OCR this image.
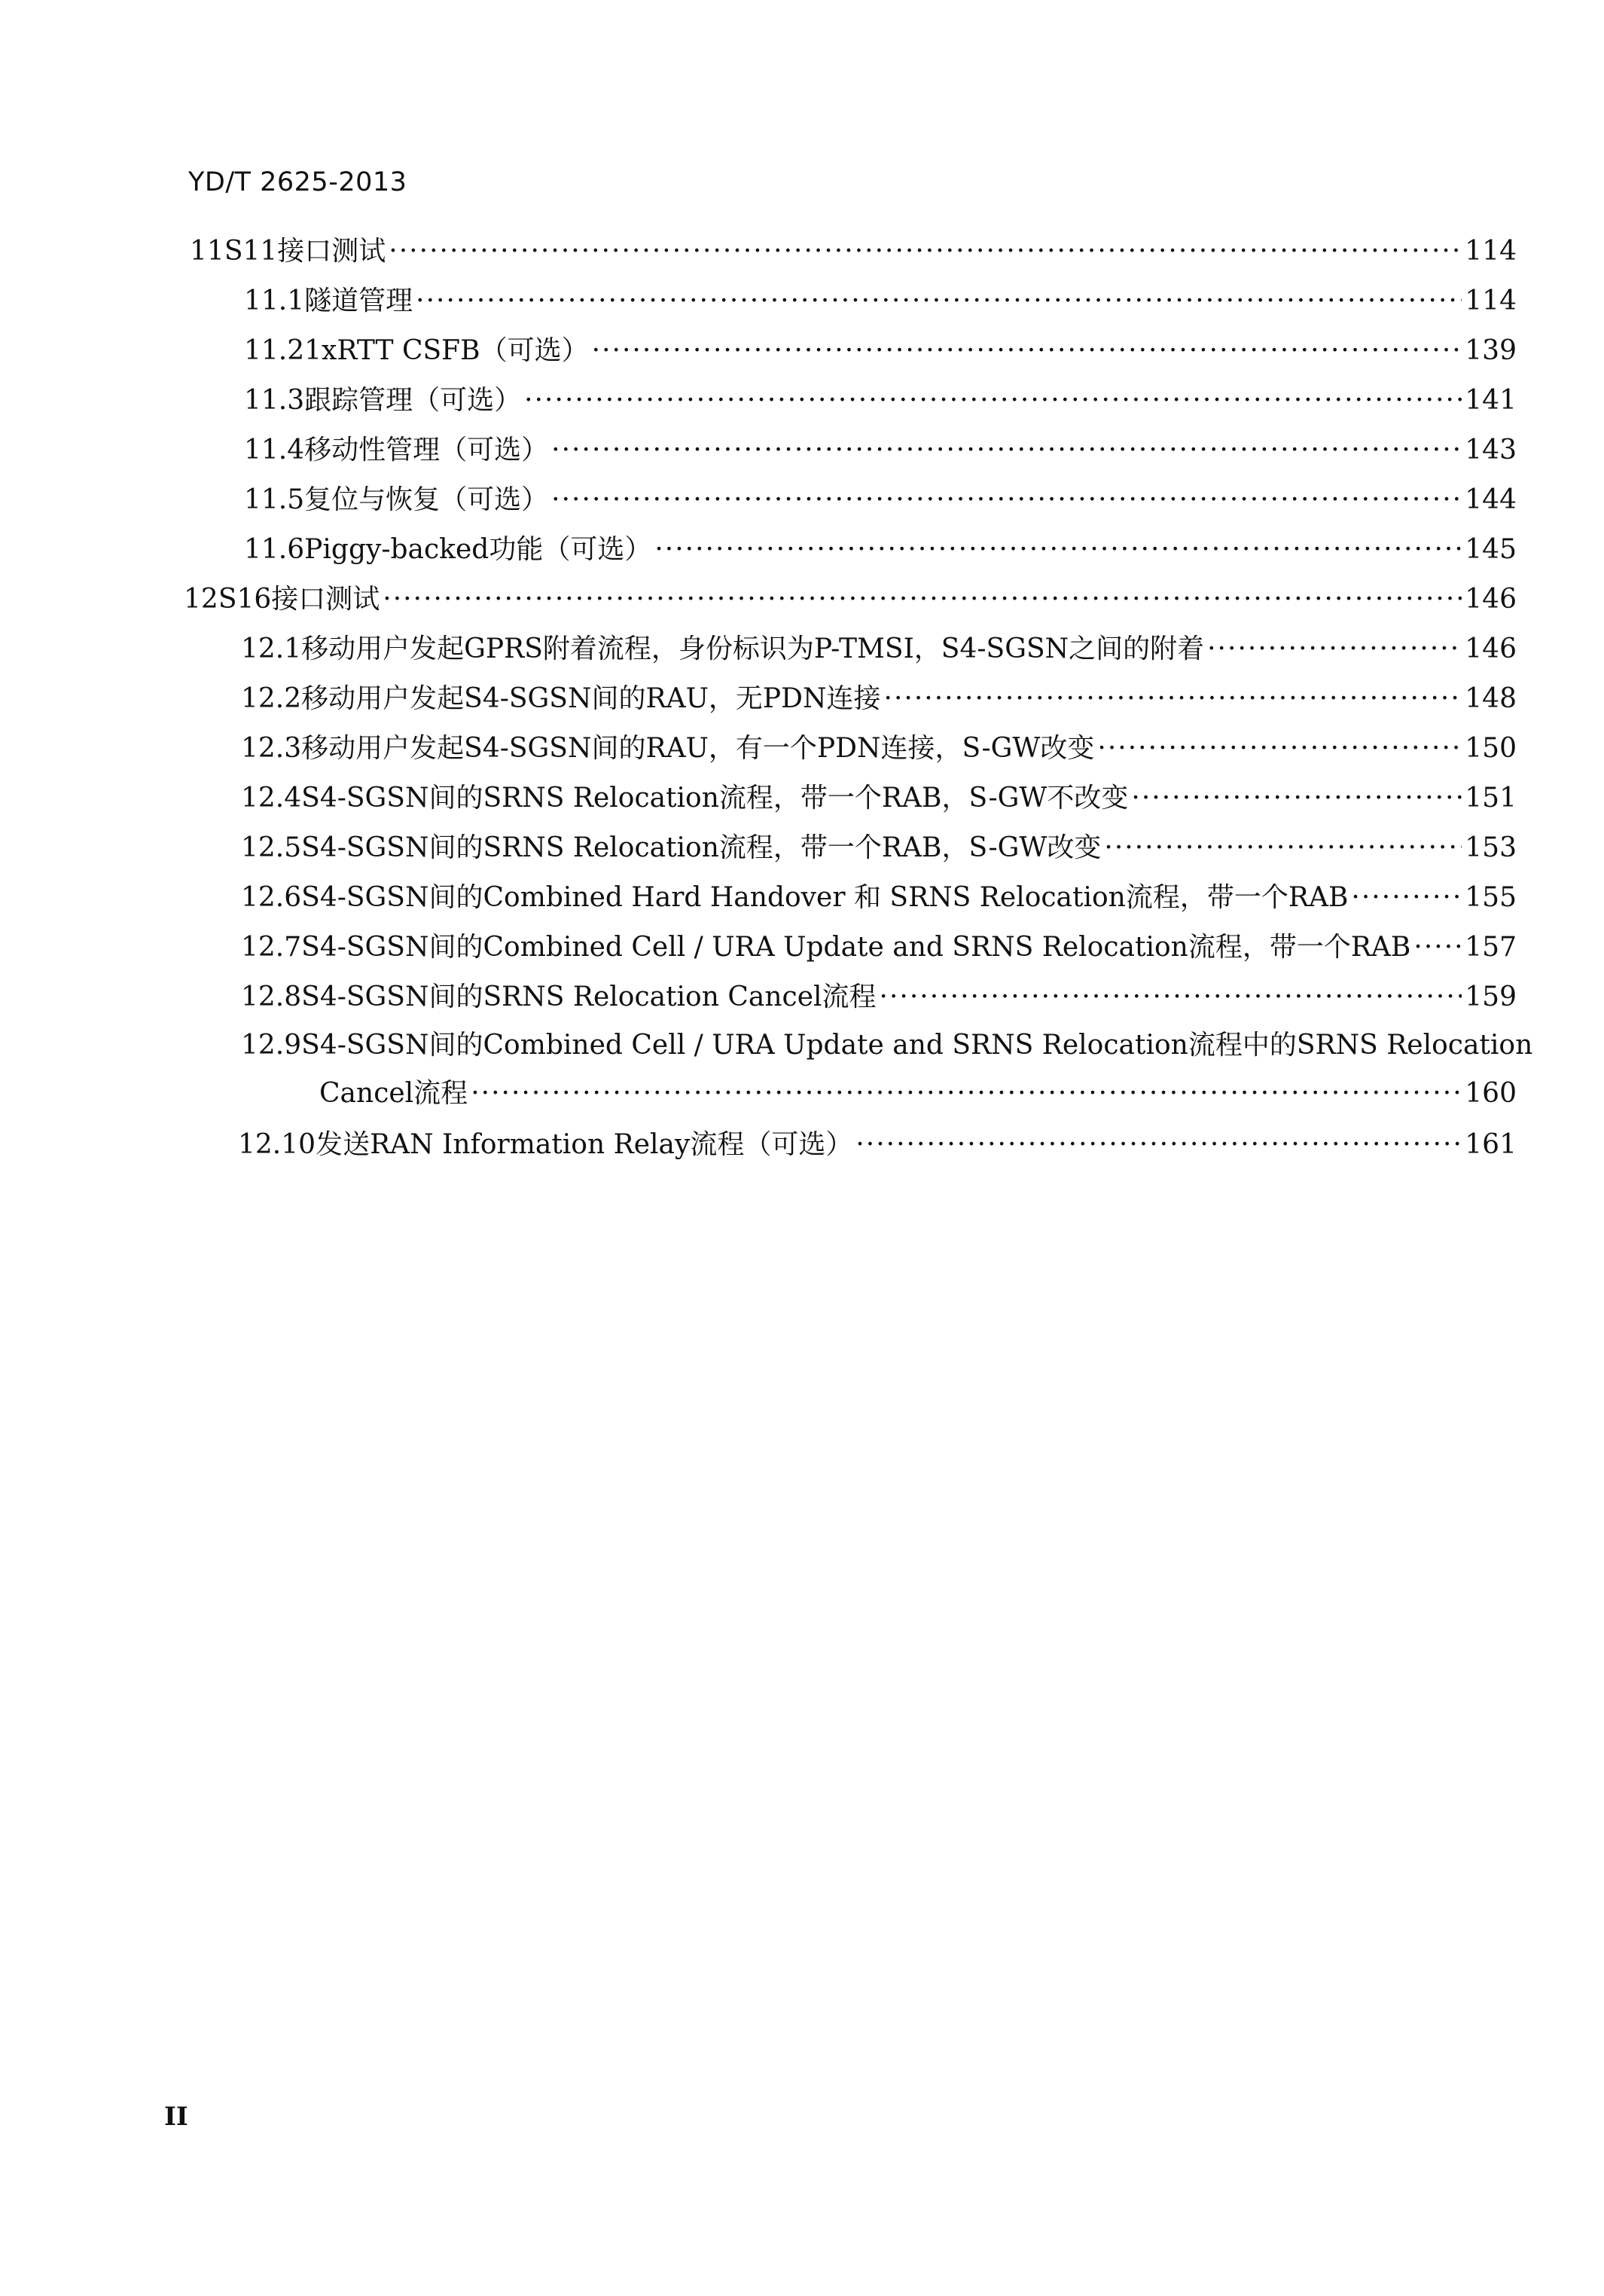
YD/T 2625-2013
11 S11接口测试 ·····	114
11.1 隧道管理 ·····	114
11.2 1xRTT CSFB（可选） ·····	139
11.3 跟踪管理（可选） ·····	141
11.4 移动性管理（可选） ·····	143
11.5 复位与恢复（可选） ·····	144
11.6 Piggy-backed功能（可选） ·····	145
12 S16接口测试 ·····	146
12.1 移动用户发起GPRS附着流程，身份标识为P-TMSI，S4-SGSN之间的附着 ·····	146
12.2 移动用户发起S4-SGSN间的RAU，无PDN连接 ·····	148
12.3 移动用户发起S4-SGSN间的RAU，有一个PDN连接，S-GW改变 ·····	150
12.4 S4-SGSN间的SRNS Relocation流程，带一个RAB，S-GW不改变 ·····	151
12.5 S4-SGSN间的SRNS Relocation流程，带一个RAB，S-GW改变 ·····	153
12.6 S4-SGSN间的Combined Hard Handover 和 SRNS Relocation流程，带一个RAB ·····	155
12.7 S4-SGSN间的Combined Cell / URA Update and SRNS Relocation流程，带一个RAB ····· 157
12.8 S4-SGSN间的SRNS Relocation Cancel流程 ·····	159
12.9 S4-SGSN间的Combined Cell / URA Update and SRNS Relocation流程中的SRNS Relocation
Cancel流程 ·····	160
12.10 发送RAN Information Relay流程（可选） ·····	161
II
